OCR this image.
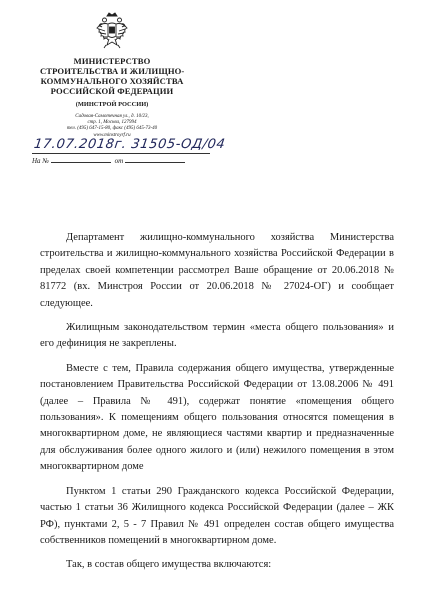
МИНИСТЕРСТВО
СТРОИТЕЛЬСТВА И ЖИЛИЩНО-
КОММУНАЛЬНОГО ХОЗЯЙСТВА
РОССИЙСКОЙ ФЕДЕРАЦИИ
(МИНСТРОЙ РОССИИ)
Садовая-Самотечная ул., д. 10/23,
стр. 1, Москва, 127994
тел. (495) 647-15-80, факс (495) 645-73-40
www.minstroyrf.ru
17.07.2018г. 31505-ОД/04
На №	от

Департамент жилищно-коммунального хозяйства Министерства строительства и жилищно-коммунального хозяйства Российской Федерации в пределах своей компетенции рассмотрел Ваше обращение от 20.06.2018 № 81772 (вх. Минстроя России от 20.06.2018 № 27024-ОГ) и сообщает следующее.

Жилищным законодательством термин «места общего пользования» и его дефиниция не закреплены.

Вместе с тем, Правила содержания общего имущества, утвержденные постановлением Правительства Российской Федерации от 13.08.2006 № 491 (далее – Правила № 491), содержат понятие «помещения общего пользования». К помещениям общего пользования относятся помещения в многоквартирном доме, не являющиеся частями квартир и предназначенные для обслуживания более одного жилого и (или) нежилого помещения в этом многоквартирном доме

Пунктом 1 статьи 290 Гражданского кодекса Российской Федерации, частью 1 статьи 36 Жилищного кодекса Российской Федерации (далее – ЖК РФ), пунктами 2, 5 - 7 Правил № 491 определен состав общего имущества собственников помещений в многоквартирном доме.

Так, в состав общего имущества включаются:
